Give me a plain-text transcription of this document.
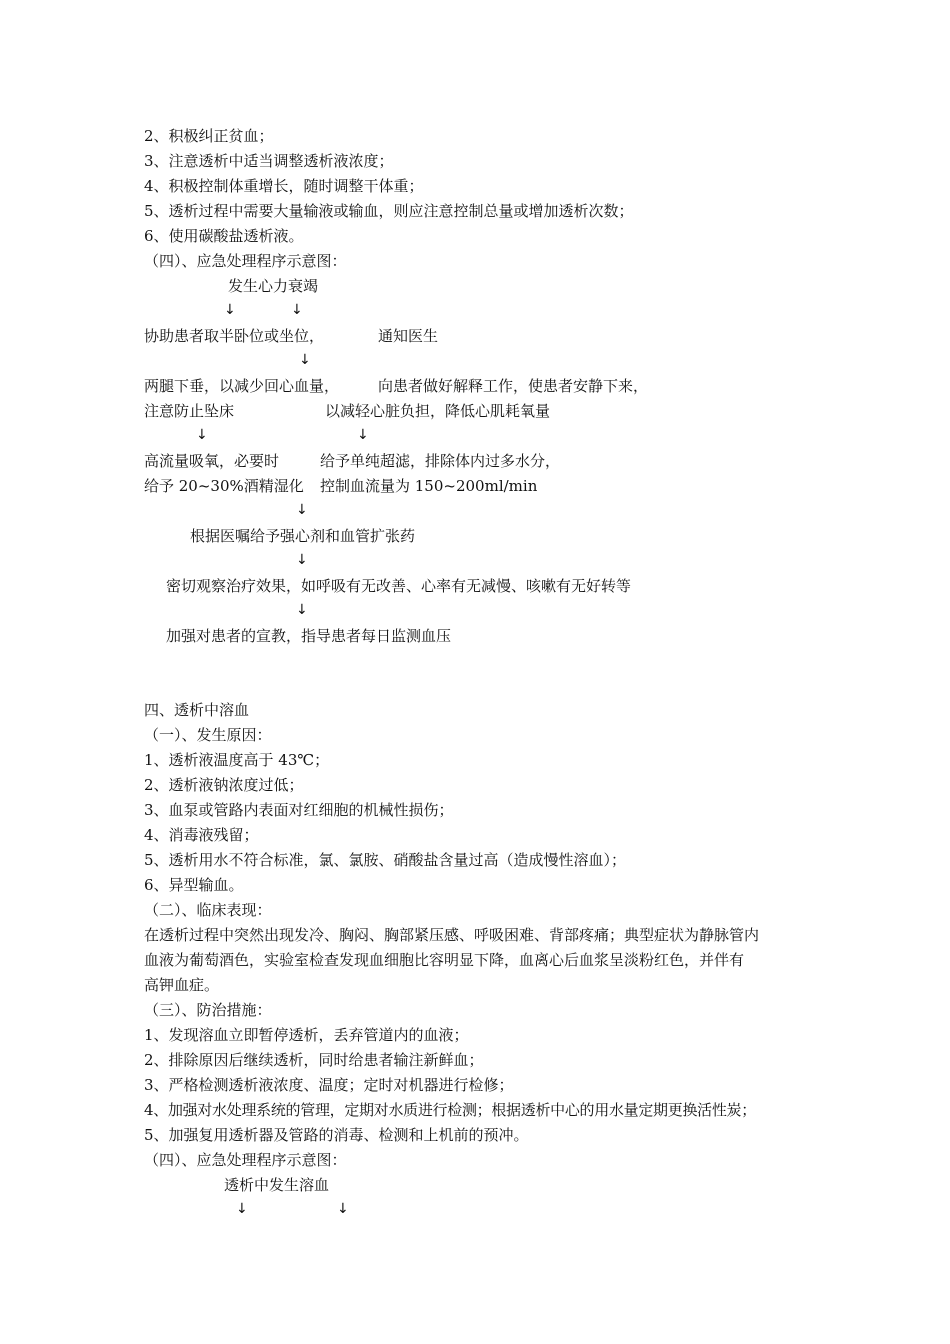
2、积极纠正贫血；
3、注意透析中适当调整透析液浓度；
4、积极控制体重增长，随时调整干体重；
5、透析过程中需要大量输液或输血，则应注意控制总量或增加透析次数；
6、使用碳酸盐透析液。
（四）、应急处理程序示意图：
发生心力衰竭
↓	↓
协助患者取半卧位或坐位，	通知医生
↓
两腿下垂，以减少回心血量，	向患者做好解释工作，使患者安静下来，
注意防止坠床	以减轻心脏负担，降低心肌耗氧量
↓	↓
高流量吸氧，必要时	给予单纯超滤，排除体内过多水分，
给予 20~30%酒精湿化 控制血流量为 150~200ml/min
↓
根据医嘱给予强心剂和血管扩张药
↓
密切观察治疗效果，如呼吸有无改善、心率有无减慢、咳嗽有无好转等
↓
加强对患者的宣教，指导患者每日监测血压
四、透析中溶血
（一）、发生原因：
1、透析液温度高于 43℃；
2、透析液钠浓度过低；
3、血泵或管路内表面对红细胞的机械性损伤；
4、消毒液残留；
5、透析用水不符合标准，氯、氯胺、硝酸盐含量过高（造成慢性溶血）；
6、异型输血。
（二）、临床表现：
在透析过程中突然出现发冷、胸闷、胸部紧压感、呼吸困难、背部疼痛；典型症状为静脉管内
血液为葡萄酒色，实验室检查发现血细胞比容明显下降，血离心后血浆呈淡粉红色，并伴有
高钾血症。
（三）、防治措施：
1、发现溶血立即暂停透析，丢弃管道内的血液；
2、排除原因后继续透析，同时给患者输注新鲜血；
3、严格检测透析液浓度、温度；定时对机器进行检修；
4、加强对水处理系统的管理，定期对水质进行检测；根据透析中心的用水量定期更换活性炭；
5、加强复用透析器及管路的消毒、检测和上机前的预冲。
（四）、应急处理程序示意图：
透析中发生溶血
↓	↓
